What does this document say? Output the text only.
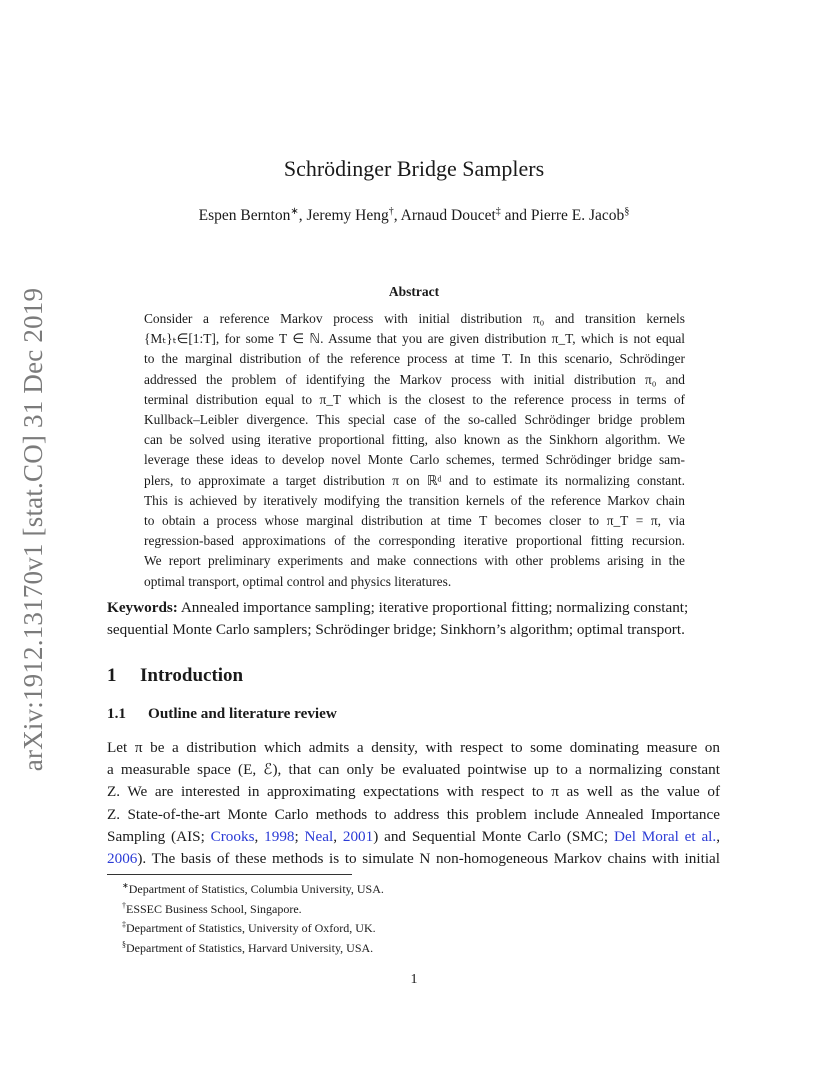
arXiv:1912.13170v1 [stat.CO] 31 Dec 2019
Schrödinger Bridge Samplers
Espen Bernton∗, Jeremy Heng†, Arnaud Doucet‡ and Pierre E. Jacob§
Abstract

Consider a reference Markov process with initial distribution π₀ and transition kernels

{Mₜ}ₜ∈[1:T], for some T ∈ ℕ. Assume that you are given distribution π_T, which is not equal

to the marginal distribution of the reference process at time T. In this scenario, Schrödinger

addressed the problem of identifying the Markov process with initial distribution π₀ and

terminal distribution equal to π_T which is the closest to the reference process in terms of

Kullback–Leibler divergence. This special case of the so-called Schrödinger bridge problem

can be solved using iterative proportional fitting, also known as the Sinkhorn algorithm. We

leverage these ideas to develop novel Monte Carlo schemes, termed Schrödinger bridge sam-

plers, to approximate a target distribution π on ℝᵈ and to estimate its normalizing constant.

This is achieved by iteratively modifying the transition kernels of the reference Markov chain

to obtain a process whose marginal distribution at time T becomes closer to π_T = π, via

regression-based approximations of the corresponding iterative proportional fitting recursion.

We report preliminary experiments and make connections with other problems arising in the

optimal transport, optimal control and physics literatures.

Keywords: Annealed importance sampling; iterative proportional fitting; normalizing constant;
sequential Monte Carlo samplers; Schrödinger bridge; Sinkhorn’s algorithm; optimal transport.
1 Introduction
1.1 Outline and literature review
Let π be a distribution which admits a density, with respect to some dominating measure on
a measurable space (E, ℰ), that can only be evaluated pointwise up to a normalizing constant
Z. We are interested in approximating expectations with respect to π as well as the value of
Z. State-of-the-art Monte Carlo methods to address this problem include Annealed Importance
Sampling (AIS; Crooks, 1998; Neal, 2001) and Sequential Monte Carlo (SMC; Del Moral et al.,
2006). The basis of these methods is to simulate N non-homogeneous Markov chains with initial
∗Department of Statistics, Columbia University, USA.
†ESSEC Business School, Singapore.
‡Department of Statistics, University of Oxford, UK.
§Department of Statistics, Harvard University, USA.
1
